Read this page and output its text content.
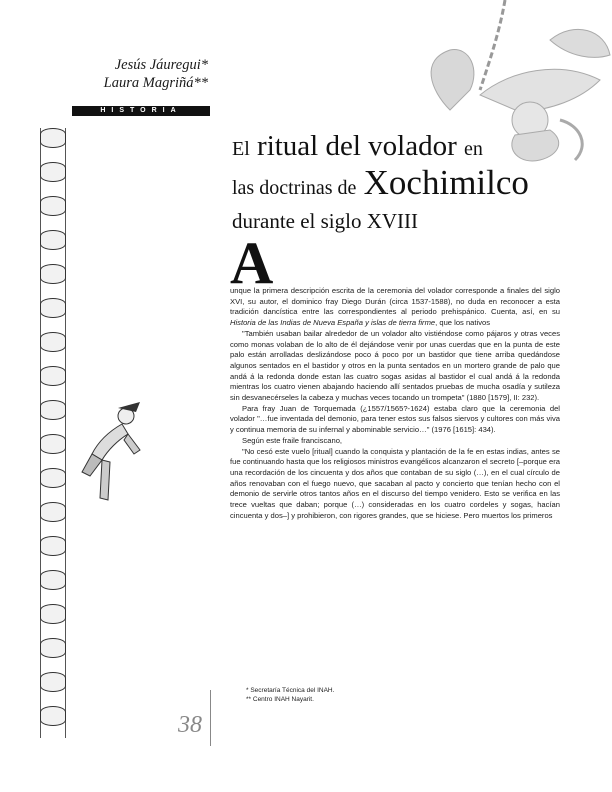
Jesús Jáuregui*
Laura Magriñá**
HISTORIA
El ritual del volador en
las doctrinas de Xochimilco
durante el siglo XVIII
A

unque la primera descripción escrita de la ceremonia del volador corresponde a finales del siglo XVI, su autor, el dominico fray Diego Durán (circa 1537-1588), no duda en reconocer a esta tradición dancística entre las correspondientes al periodo prehispánico. Cuenta, así, en su Historia de las Indias de Nueva España y islas de tierra firme, que los nativos

"También usaban bailar alrededor de un volador alto vistiéndose como pájaros y otras veces como monas volaban de lo alto de él dejándose venir por unas cuerdas que en la punta de este palo están arrolladas deslizándose poco á poco por un bastidor que tiene arriba quedándose algunos sentados en el bastidor y otros en la punta sentados en un mortero grande de palo que andá á la redonda donde estan las cuatro sogas asidas al bastidor el cual andá á la redonda mientras los cuatro vienen abajando haciendo allí sentados pruebas de mucha osadía y sutileza sin desvanecérseles la cabeza y muchas veces tocando un trompeta" (1880 [1579], II: 232).

Para fray Juan de Torquemada (¿1557/1565?-1624) estaba claro que la ceremonia del volador "…fue inventada del demonio, para tener estos sus falsos siervos y cultores con más viva y continua memoria de su infernal y abominable servicio…" (1976 [1615]: 434).

Según este fraile franciscano,

"No cesó este vuelo [ritual] cuando la conquista y plantación de la fe en estas indias, antes se fue continuando hasta que los religiosos ministros evangélicos alcanzaron el secreto [–porque era una recordación de los cincuenta y dos años que contaban de su siglo (…), en el cual círculo de años renovaban con el fuego nuevo, que sacaban al pacto y concierto que tenían hecho con el demonio de servirle otros tantos años en el discurso del tiempo venidero. Esto se verifica en las trece vueltas que daban; porque (…) consideradas en los cuatro cordeles y sogas, hacían cincuenta y dos–] y prohibieron, con rigores grandes, que se hiciese. Pero muertos los primeros

* Secretaría Técnica del INAH.
** Centro INAH Nayarit.
38
